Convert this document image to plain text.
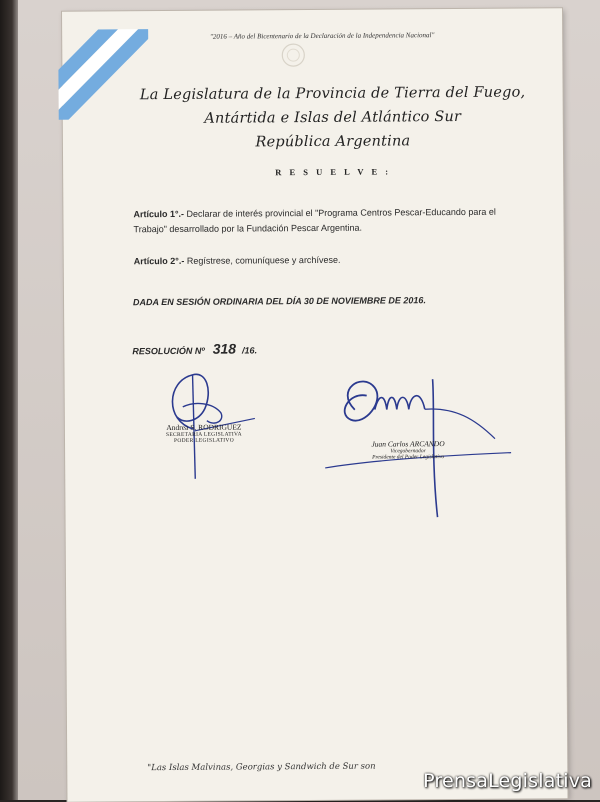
"2016 – Año del Bicentenario de la Declaración de la Independencia Nacional"
La Legislatura de la Provincia de Tierra del Fuego,
Antártida e Islas del Atlántico Sur
República Argentina
R E S U E L V E :
Artículo 1°.- Declarar de interés provincial el "Programa Centros Pescar-Educando para el Trabajo" desarrollado por la Fundación Pescar Argentina.
Artículo 2°.- Regístrese, comuníquese y archívese.
DADA EN SESIÓN ORDINARIA DEL DÍA 30 DE NOVIEMBRE DE 2016.
RESOLUCIÓN Nº 318 /16.
Andrea S. RODRIGUEZ
SECRETARIA LEGISLATIVA
PODER LEGISLATIVO	Juan Carlos ARCANDO
Vicegobernador
Presidente del Poder Legislativo
"Las Islas Malvinas, Georgias y Sandwich de Sur son
PrensaLegislativa
